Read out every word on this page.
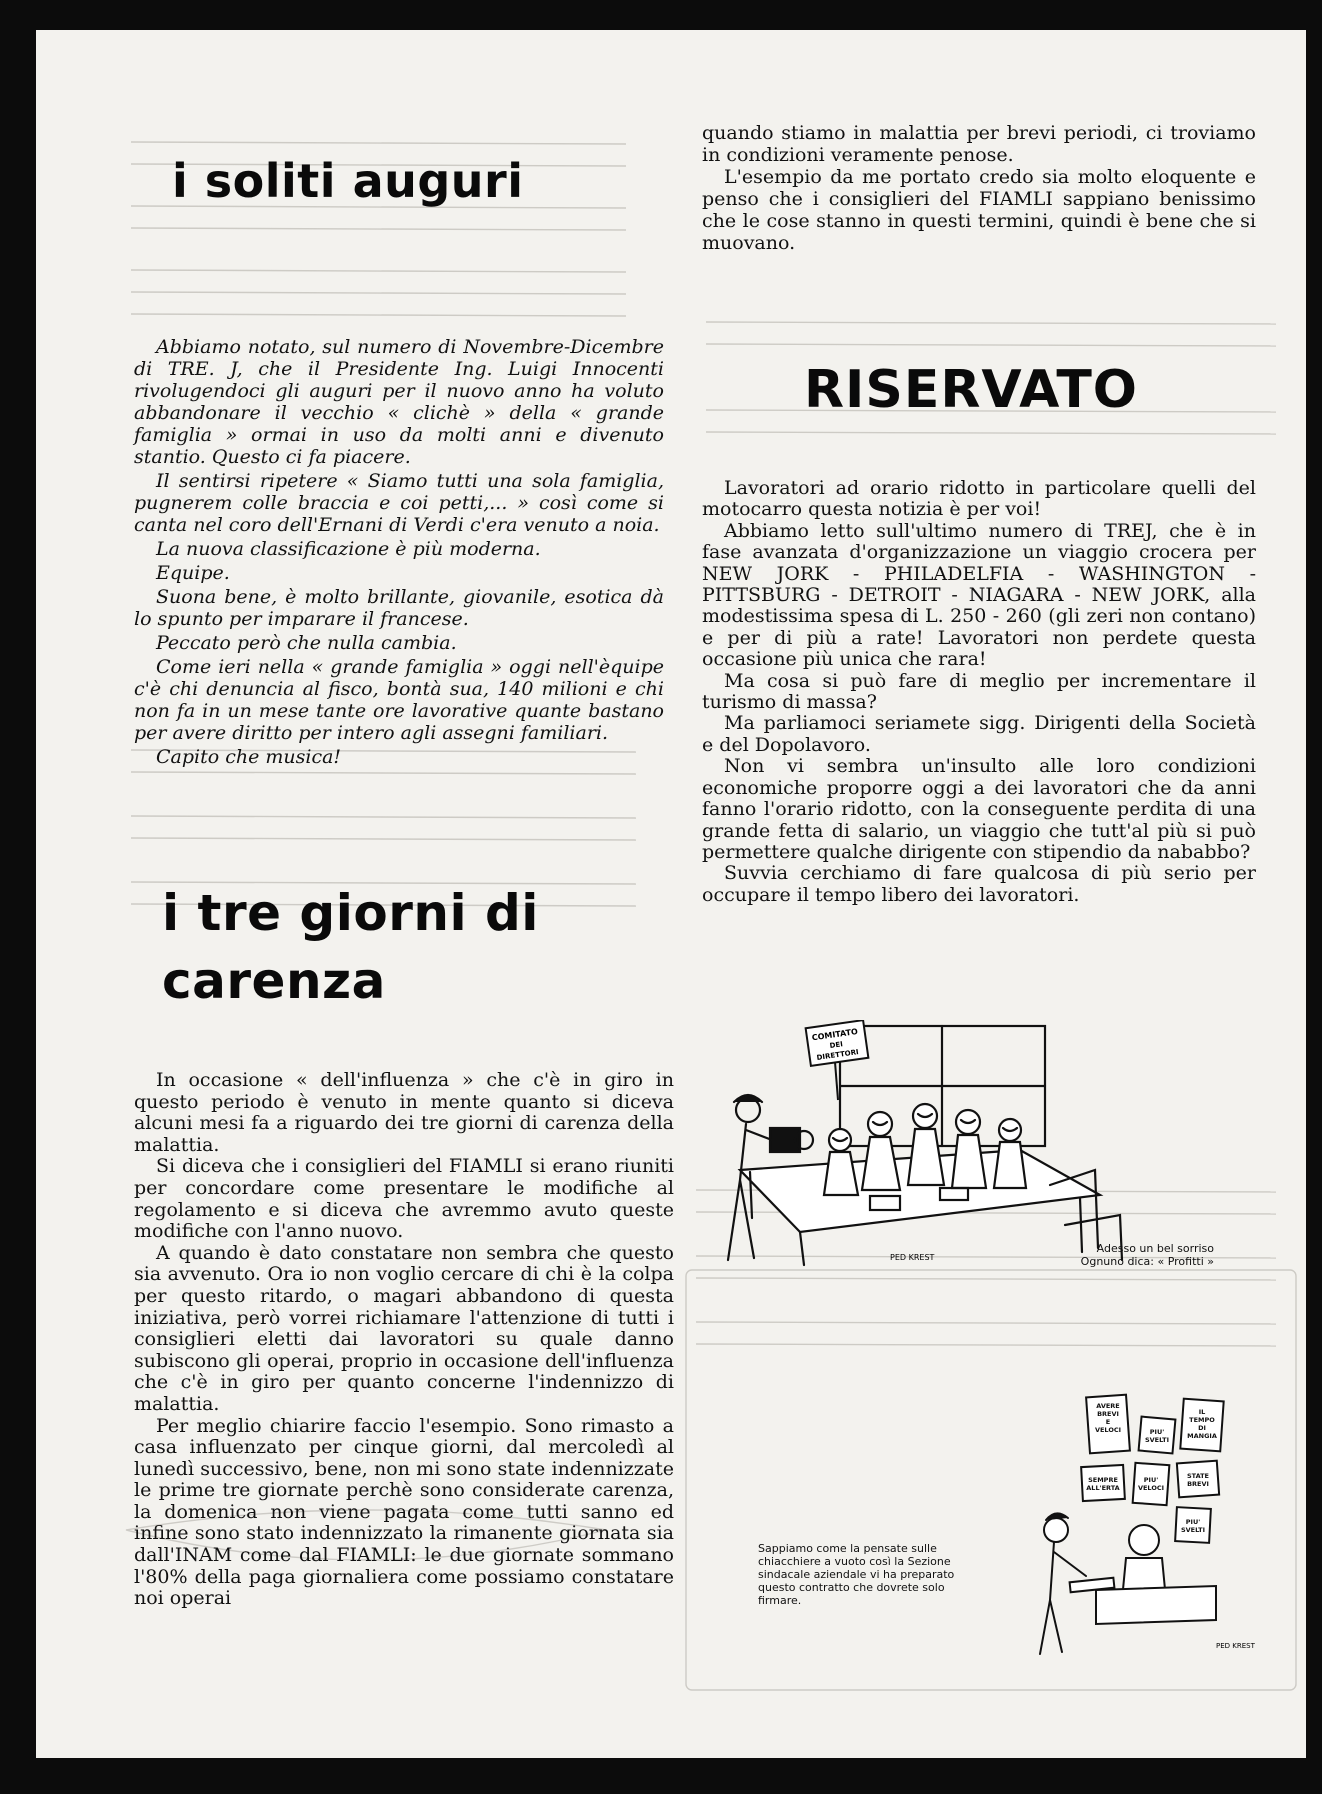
i soliti auguri

Abbiamo notato, sul numero di Novembre-Dicembre di TRE. J, che il Presidente Ing. Luigi Innocenti rivolugendoci gli auguri per il nuovo anno ha voluto abbandonare il vecchio « clichè » della « grande famiglia » ormai in uso da molti anni e divenuto stantio. Questo ci fa piacere.

Il sentirsi ripetere « Siamo tutti una sola famiglia, pugnerem colle braccia e coi petti,... » così come si canta nel coro dell'Ernani di Verdi c'era venuto a noia.

La nuova classificazione è più moderna.

Equipe.

Suona bene, è molto brillante, giovanile, esotica dà lo spunto per imparare il francese.

Peccato però che nulla cambia.

Come ieri nella « grande famiglia » oggi nell'èquipe c'è chi denuncia al fisco, bontà sua, 140 milioni e chi non fa in un mese tante ore lavorative quante bastano per avere diritto per intero agli assegni familiari.

Capito che musica!

i tre giorni di
carenza

In occasione « dell'influenza » che c'è in giro in questo periodo è venuto in mente quanto si diceva alcuni mesi fa a riguardo dei tre giorni di carenza della malattia.

Si diceva che i consiglieri del FIAMLI si erano riuniti per concordare come presentare le modifiche al regolamento e si diceva che avremmo avuto queste modifiche con l'anno nuovo.

A quando è dato constatare non sembra che questo sia avvenuto. Ora io non voglio cercare di chi è la colpa per questo ritardo, o magari abbandono di questa iniziativa, però vorrei richiamare l'attenzione di tutti i consiglieri eletti dai lavoratori su quale danno subiscono gli operai, proprio in occasione dell'influenza che c'è in giro per quanto concerne l'indennizzo di malattia.

Per meglio chiarire faccio l'esempio. Sono rimasto a casa influenzato per cinque giorni, dal mercoledì al lunedì successivo, bene, non mi sono state indennizzate le prime tre giornate perchè sono considerate carenza, la domenica non viene pagata come tutti sanno ed infine sono stato indennizzato la rimanente giornata sia dall'INAM come dal FIAMLI: le due giornate sommano l'80% della paga giornaliera come possiamo constatare noi operai

quando stiamo in malattia per brevi periodi, ci troviamo in condizioni veramente penose.

L'esempio da me portato credo sia molto eloquente e penso che i consiglieri del FIAMLI sappiano benissimo che le cose stanno in questi termini, quindi è bene che si muovano.

RISERVATO

Lavoratori ad orario ridotto in particolare quelli del motocarro questa notizia è per voi!

Abbiamo letto sull'ultimo numero di TREJ, che è in fase avanzata d'organizzazione un viaggio crocera per NEW JORK - PHILADELFIA - WASHINGTON - PITTSBURG - DETROIT - NIAGARA - NEW JORK, alla modestissima spesa di L. 250 - 260 (gli zeri non contano) e per di più a rate! Lavoratori non perdete questa occasione più unica che rara!

Ma cosa si può fare di meglio per incrementare il turismo di massa?

Ma parliamoci seriamete sigg. Dirigenti della Società e del Dopolavoro.

Non vi sembra un'insulto alle loro condizioni economiche proporre oggi a dei lavoratori che da anni fanno l'orario ridotto, con la conseguente perdita di una grande fetta di salario, un viaggio che tutt'al più si può permettere qualche dirigente con stipendio da nababbo?

Suvvia cerchiamo di fare qualcosa di più serio per occupare il tempo libero dei lavoratori.

COMITATO
DEI
DIRETTORI
PED KREST
Adesso un bel sorriso
Ognuno dica: « Profitti »
AVERE BREVI E VELOCI	PIU' SVELTI
IL TEMPO DI MANGIA
SEMPRE ALL'ERTA
PIU' VELOCI
STATE BREVI
PIU' SVELTI
PED KREST
Sappiamo come la pensate sulle chiacchiere a vuoto così la Sezione sindacale aziendale vi ha preparato questo contratto che dovrete solo firmare.
